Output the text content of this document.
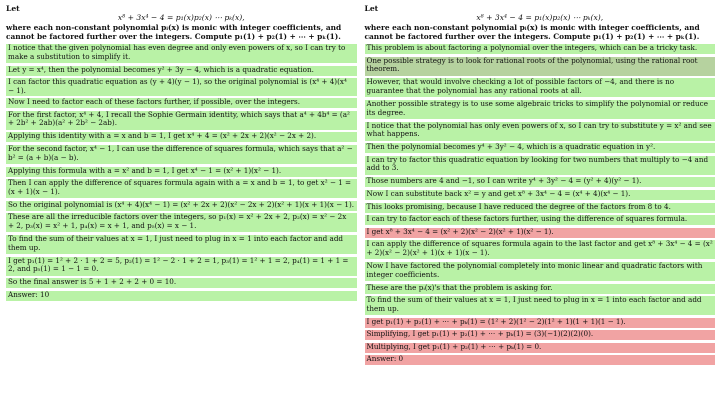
Let
x⁸ + 3x⁴ − 4 = p₁(x)p₂(x) ⋯ pₖ(x),
where each non-constant polynomial pᵢ(x) is monic with integer coefficients, and cannot be factored further over the integers. Compute p₁(1) + p₂(1) + ⋯ + pₖ(1).
I notice that the given polynomial has even degree and only even powers of x, so I can try to make a substitution to simplify it.
Let y = x⁴, then the polynomial becomes y² + 3y − 4, which is a quadratic equation.
I can factor this quadratic equation as (y + 4)(y − 1), so the original polynomial is (x⁴ + 4)(x⁴ − 1).
Now I need to factor each of these factors further, if possible, over the integers.
For the first factor, x⁴ + 4, I recall the Sophie Germain identity, which says that a⁴ + 4b⁴ = (a² + 2b² + 2ab)(a² + 2b² − 2ab).
Applying this identity with a = x and b = 1, I get x⁴ + 4 = (x² + 2x + 2)(x² − 2x + 2).
For the second factor, x⁴ − 1, I can use the difference of squares formula, which says that a² − b² = (a + b)(a − b).
Applying this formula with a = x² and b = 1, I get x⁴ − 1 = (x² + 1)(x² − 1).
Then I can apply the difference of squares formula again with a = x and b = 1, to get x² − 1 = (x + 1)(x − 1).
So the original polynomial is (x⁴ + 4)(x⁴ − 1) = (x² + 2x + 2)(x² − 2x + 2)(x² + 1)(x + 1)(x − 1).
These are all the irreducible factors over the integers, so p₁(x) = x² + 2x + 2, p₂(x) = x² − 2x + 2, p₃(x) = x² + 1, p₄(x) = x + 1, and p₅(x) = x − 1.
To find the sum of their values at x = 1, I just need to plug in x = 1 into each factor and add them up.
I get p₁(1) = 1² + 2 · 1 + 2 = 5, p₂(1) = 1² − 2 · 1 + 2 = 1, p₃(1) = 1² + 1 = 2, p₄(1) = 1 + 1 = 2, and p₅(1) = 1 − 1 = 0.
So the final answer is 5 + 1 + 2 + 2 + 0 = 10.
Answer: 10
Let
x⁸ + 3x⁴ − 4 = p₁(x)p₂(x) ⋯ pₖ(x),
where each non-constant polynomial pᵢ(x) is monic with integer coefficients, and cannot be factored further over the integers. Compute p₁(1) + p₂(1) + ⋯ + pₖ(1).
This problem is about factoring a polynomial over the integers, which can be a tricky task.
One possible strategy is to look for rational roots of the polynomial, using the rational root theorem.
However, that would involve checking a lot of possible factors of −4, and there is no guarantee that the polynomial has any rational roots at all.
Another possible strategy is to use some algebraic tricks to simplify the polynomial or reduce its degree.
I notice that the polynomial has only even powers of x, so I can try to substitute y = x² and see what happens.
Then the polynomial becomes y⁴ + 3y² − 4, which is a quadratic equation in y².
I can try to factor this quadratic equation by looking for two numbers that multiply to −4 and add to 3.
Those numbers are 4 and −1, so I can write y⁴ + 3y² − 4 = (y² + 4)(y² − 1).
Now I can substitute back x² = y and get x⁸ + 3x⁴ − 4 = (x⁴ + 4)(x⁴ − 1).
This looks promising, because I have reduced the degree of the factors from 8 to 4.
I can try to factor each of these factors further, using the difference of squares formula.
I get x⁸ + 3x⁴ − 4 = (x² + 2)(x² − 2)(x² + 1)(x² − 1).
I can apply the difference of squares formula again to the last factor and get x⁸ + 3x⁴ − 4 = (x² + 2)(x² − 2)(x² + 1)(x + 1)(x − 1).
Now I have factored the polynomial completely into monic linear and quadratic factors with integer coefficients.
These are the pᵢ(x)'s that the problem is asking for.
To find the sum of their values at x = 1, I just need to plug in x = 1 into each factor and add them up.
I get p₁(1) + p₂(1) + ⋯ + pₖ(1) = (1² + 2)(1² − 2)(1² + 1)(1 + 1)(1 − 1).
Simplifying, I get p₁(1) + p₂(1) + ⋯ + pₖ(1) = (3)(−1)(2)(2)(0).
Multiplying, I get p₁(1) + p₂(1) + ⋯ + pₖ(1) = 0.
Answer: 0
